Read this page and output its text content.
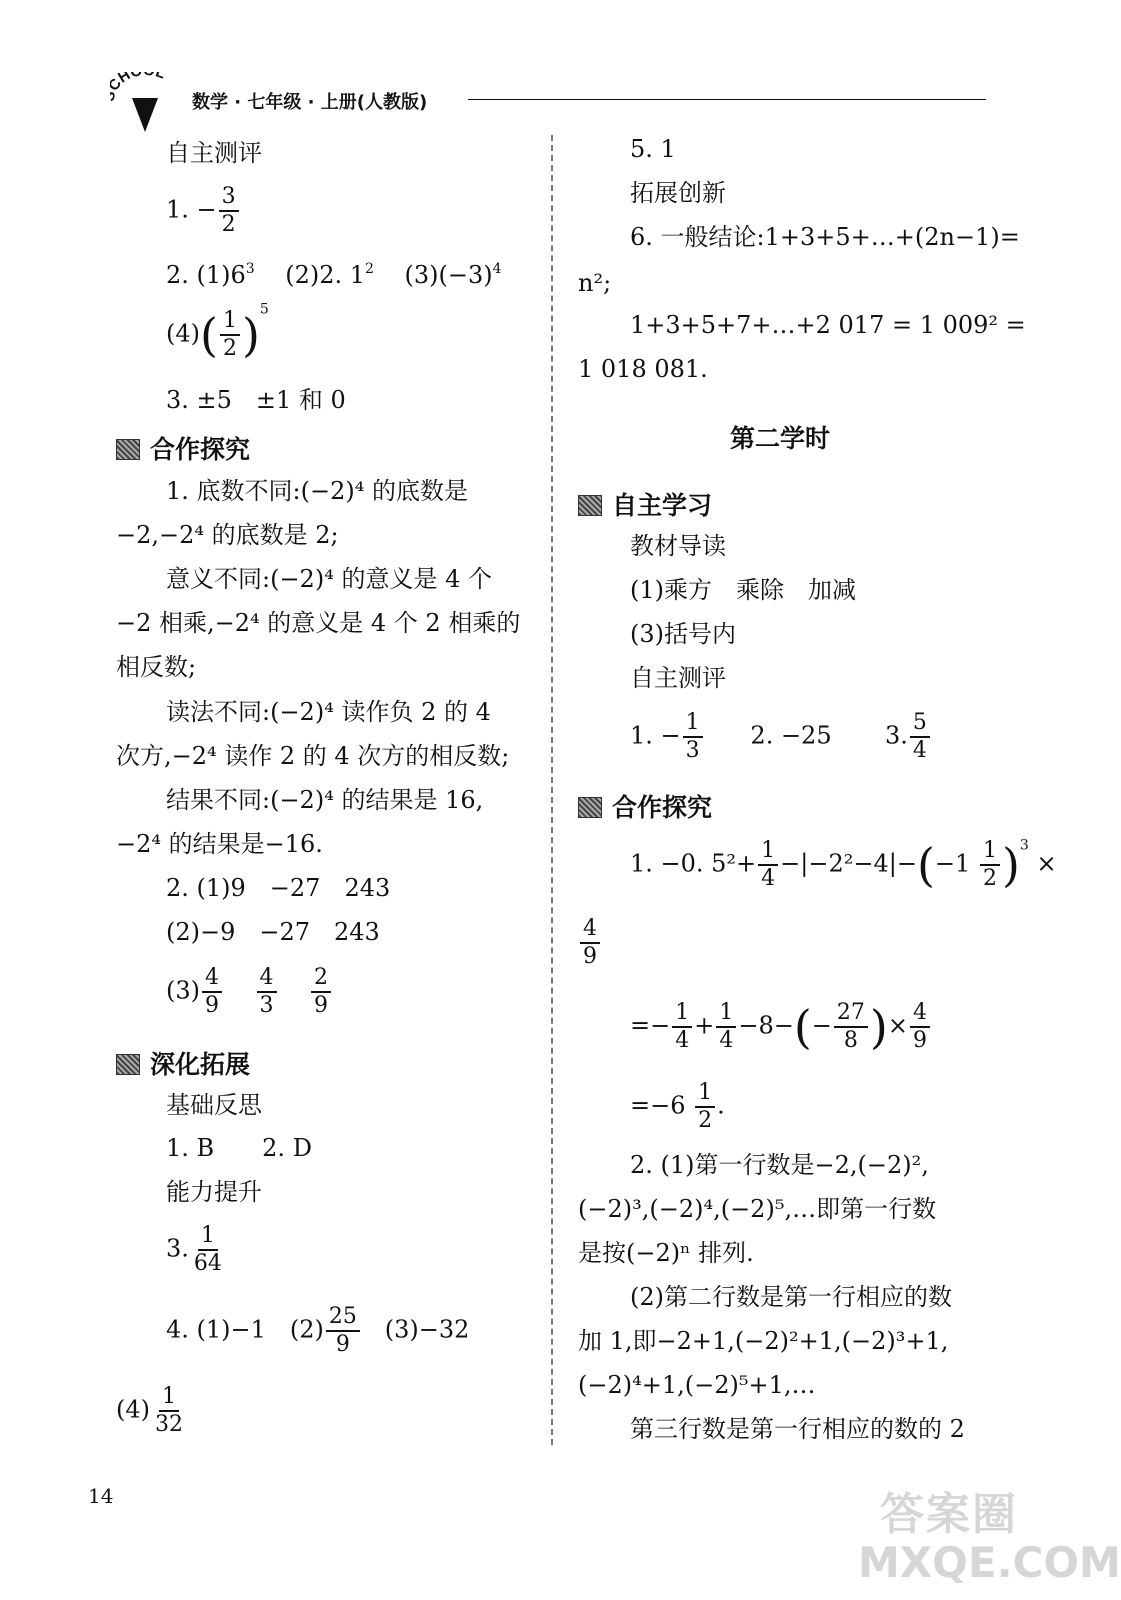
H L
数学 · 七年级 · 上册(人教版)
自主测评
1. − $\frac{3}{2}$
2. $(1)6^3$ (2)2. $1^2$ $(3)(-3)^4$
$(4)( \frac{1}{2} )^5$
3. ±5　±1 和 0
合作探究
1. 底数不同:(−2)⁴ 的底数是
−2,−2⁴ 的底数是 2;
意义不同:(−2)⁴ 的意义是 4 个
−2 相乘,−2⁴ 的意义是 4 个 2 相乘的
相反数;
读法不同:(−2)⁴ 读作负 2 的 4
次方,−2⁴ 读作 2 的 4 次方的相反数;
结果不同:(−2)⁴ 的结果是 16,
−2⁴ 的结果是−16.
2. (1)9　−27　243
(2)−9　−27　243
$(3) \frac{4}{9}$
$\frac{4}{3}$
$\frac{2}{9}$
深化拓展
基础反思
1. B　　2. D
能力提升
3. $\frac{1}{64}$
4. (1)−1　$(2) \frac{25}{9} (3)-32$
$(4) \frac{1}{32}$
14
5. 1
拓展创新
6. 一般结论:1+3+5+…+(2n−1)=
n²;
1+3+5+7+…+2 017 = 1 009² =
1 018 081.
第二学时
自主学习
教材导读
(1)乘方　乘除　加减
(3)括号内
自主测评
1. − $\frac{1}{3} 2$. −25 3. $\frac{5}{4}$
合作探究
1. −0. $5^2+ \frac{1}{4} -|-2^2-4|-(-1 \frac{1}{2} )^3$ ×
$\frac{4}{9}$
=− $\frac{1}{4} + \frac{1}{4} -8-(- \frac{27}{8}$ )× $\frac{4}{9}$
$=-6 \frac{1}{2}$ .
2. (1)第一行数是−2,(−2)²,
(−2)³,(−2)⁴,(−2)⁵,…即第一行数
是按(−2)ⁿ 排列.
(2)第二行数是第一行相应的数
加 1,即−2+1,(−2)²+1,(−2)³+1,
(−2)⁴+1,(−2)⁵+1,…
第三行数是第一行相应的数的 2
答案圈
MXQE.COM
